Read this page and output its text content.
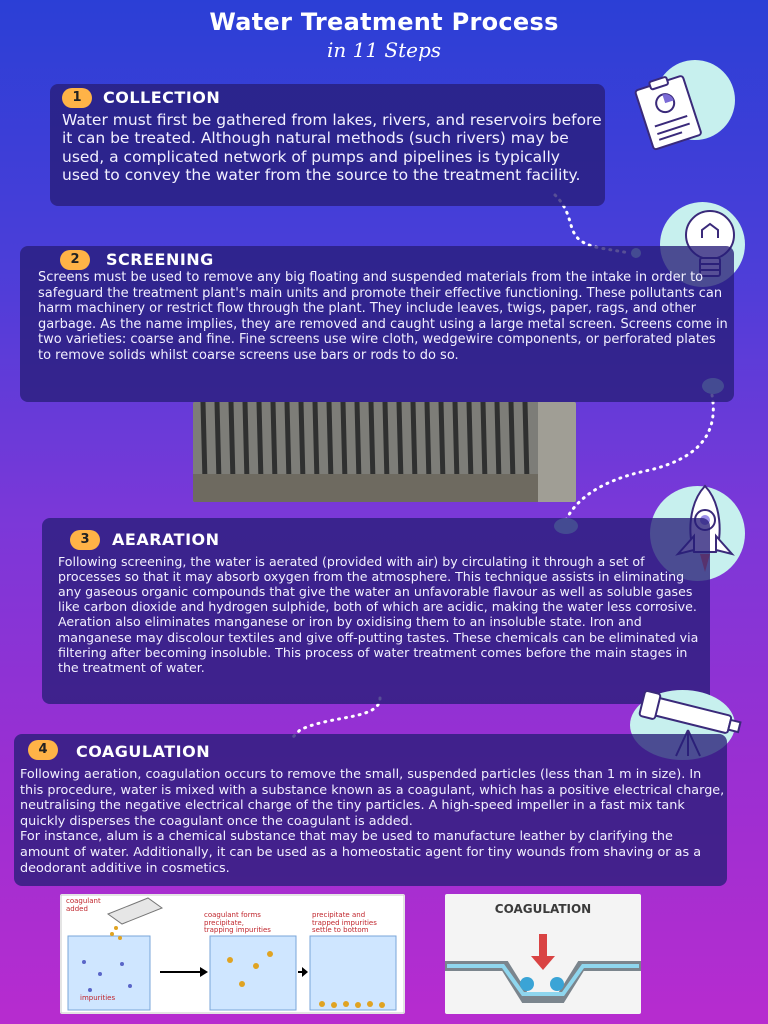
Water Treatment Process
in 11 Steps
1	COLLECTION
Water must first be gathered from lakes, rivers, and reservoirs before it can be treated. Although natural methods (such rivers) may be used, a complicated network of pumps and pipelines is typically used to convey the water from the source to the treatment facility.
2	SCREENING
Screens must be used to remove any big floating and suspended materials from the intake in order to safeguard the treatment plant's main units and promote their effective functioning. These pollutants can harm machinery or restrict flow through the plant. They include leaves, twigs, paper, rags, and other garbage. As the name implies, they are removed and caught using a large metal screen. Screens come in two varieties: coarse and fine. Fine screens use wire cloth, wedgewire components, or perforated plates to remove solids whilst coarse screens use bars or rods to do so.
3	AEARATION
Following screening, the water is aerated (provided with air) by circulating it through a set of processes so that it may absorb oxygen from the atmosphere. This technique assists in eliminating any gaseous organic compounds that give the water an unfavorable flavour as well as soluble gases like carbon dioxide and hydrogen sulphide, both of which are acidic, making the water less corrosive. Aeration also eliminates manganese or iron by oxidising them to an insoluble state. Iron and manganese may discolour textiles and give off-putting tastes. These chemicals can be eliminated via filtering after becoming insoluble. This process of water treatment comes before the main stages in the treatment of water.
4	COAGULATION
Following aeration, coagulation occurs to remove the small, suspended particles (less than 1 m in size). In this procedure, water is mixed with a substance known as a coagulant, which has a positive electrical charge, neutralising the negative electrical charge of the tiny particles. A high-speed impeller in a fast mix tank quickly disperses the coagulant once the coagulant is added.
For instance, alum is a chemical substance that may be used to manufacture leather by clarifying the amount of water. Additionally, it can be used as a homeostatic agent for tiny wounds from shaving or as a deodorant additive in cosmetics.
coagulant
added
coagulant forms
precipitate,
trapping impurities
precipitate and
trapped impurities
settle to bottom
impurities
COAGULATION
